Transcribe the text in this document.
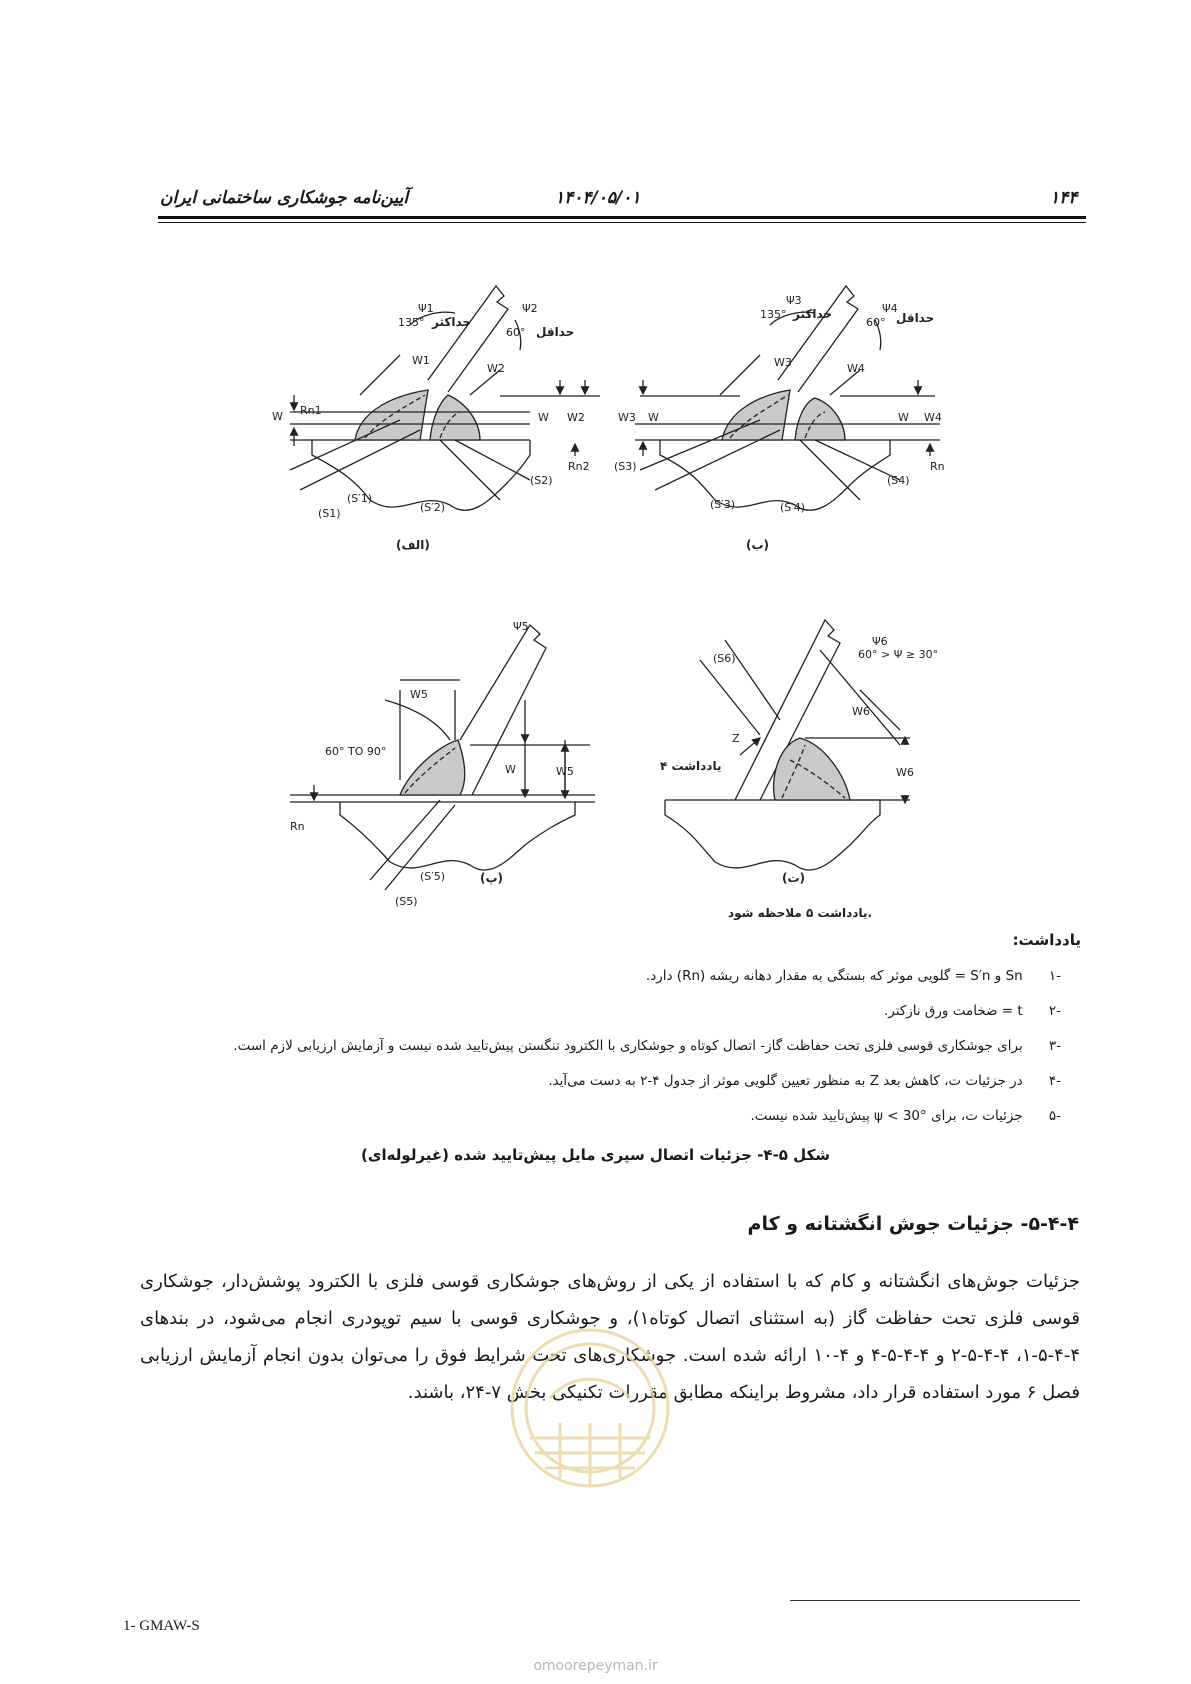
آیین‌نامه جوشکاری ساختمانی ایران	۱۴۰۴/۰۵/۰۱	۱۴۴
Ψ1
135° حداکثر
Ψ2
60° حداقل
W1
W2
W Rn1
W W2
Rn2
(S1)
(S′1)
(S′2)
(S2)
(الف)
Ψ3
135° حداکثر	Ψ4
60° حداقل
W3	W4
W3 W	W W4
Rn
(S3)
(S′3)	(S′4)
(S4)
(ب)
Ψ5
W5
60° TO 90°
W	W5
Rn
(S′5)
(S5)
(پ)
Ψ6
60° > Ψ ≥ 30°
(S6)
W6
Z
یادداشت ۴	W6
(ت)
یادداشت ۵ ملاحظه شود.
یادداشت:
-۱ Sn و S′n = گلویی موثر که بستگی به مقدار دهانه ریشه (Rn) دارد.
-۲ t = ضخامت ورق نازکتر.
-۳ برای جوشکاری قوسی فلزی تحت حفاظت گاز- اتصال کوتاه و جوشکاری با الکترود تنگستن پیش‌تایید شده نیست و آزمایش ارزیابی لازم است.
-۴ در جزئیات ت، کاهش بعد Z به منظور تعیین گلویی موثر از جدول ۴-۲ به دست می‌آید.
-۵ جزئیات ت، برای ψ < 30° پیش‌تایید شده نیست.
شکل ۵-۴- جزئیات اتصال سپری مایل پیش‌تایید شده (غیرلوله‌ای)
۵-۴-۴- جزئیات جوش انگشتانه و کام
جزئیات جوش‌های انگشتانه و کام که با استفاده از یکی از روش‌های جوشکاری قوسی فلزی با الکترود پوشش‌دار، جوشکاری قوسی فلزی تحت حفاظت گاز (به استثنای اتصال کوتاه۱)، و جوشکاری قوسی با سیم توپودری انجام می‌شود، در بندهای ۴-۴-۵-۱، ۴-۴-۵-۲ و ۴-۴-۵-۴ و ۴-۱۰ ارائه شده است. جوشکاری‌های تحت شرایط فوق را می‌توان بدون انجام آزمایش ارزیابی فصل ۶ مورد استفاده قرار داد، مشروط براینکه مطابق مقررات تکنیکی بخش ۷-۲۴، باشند.
omoorepeyman.ir
1- GMAW-S
